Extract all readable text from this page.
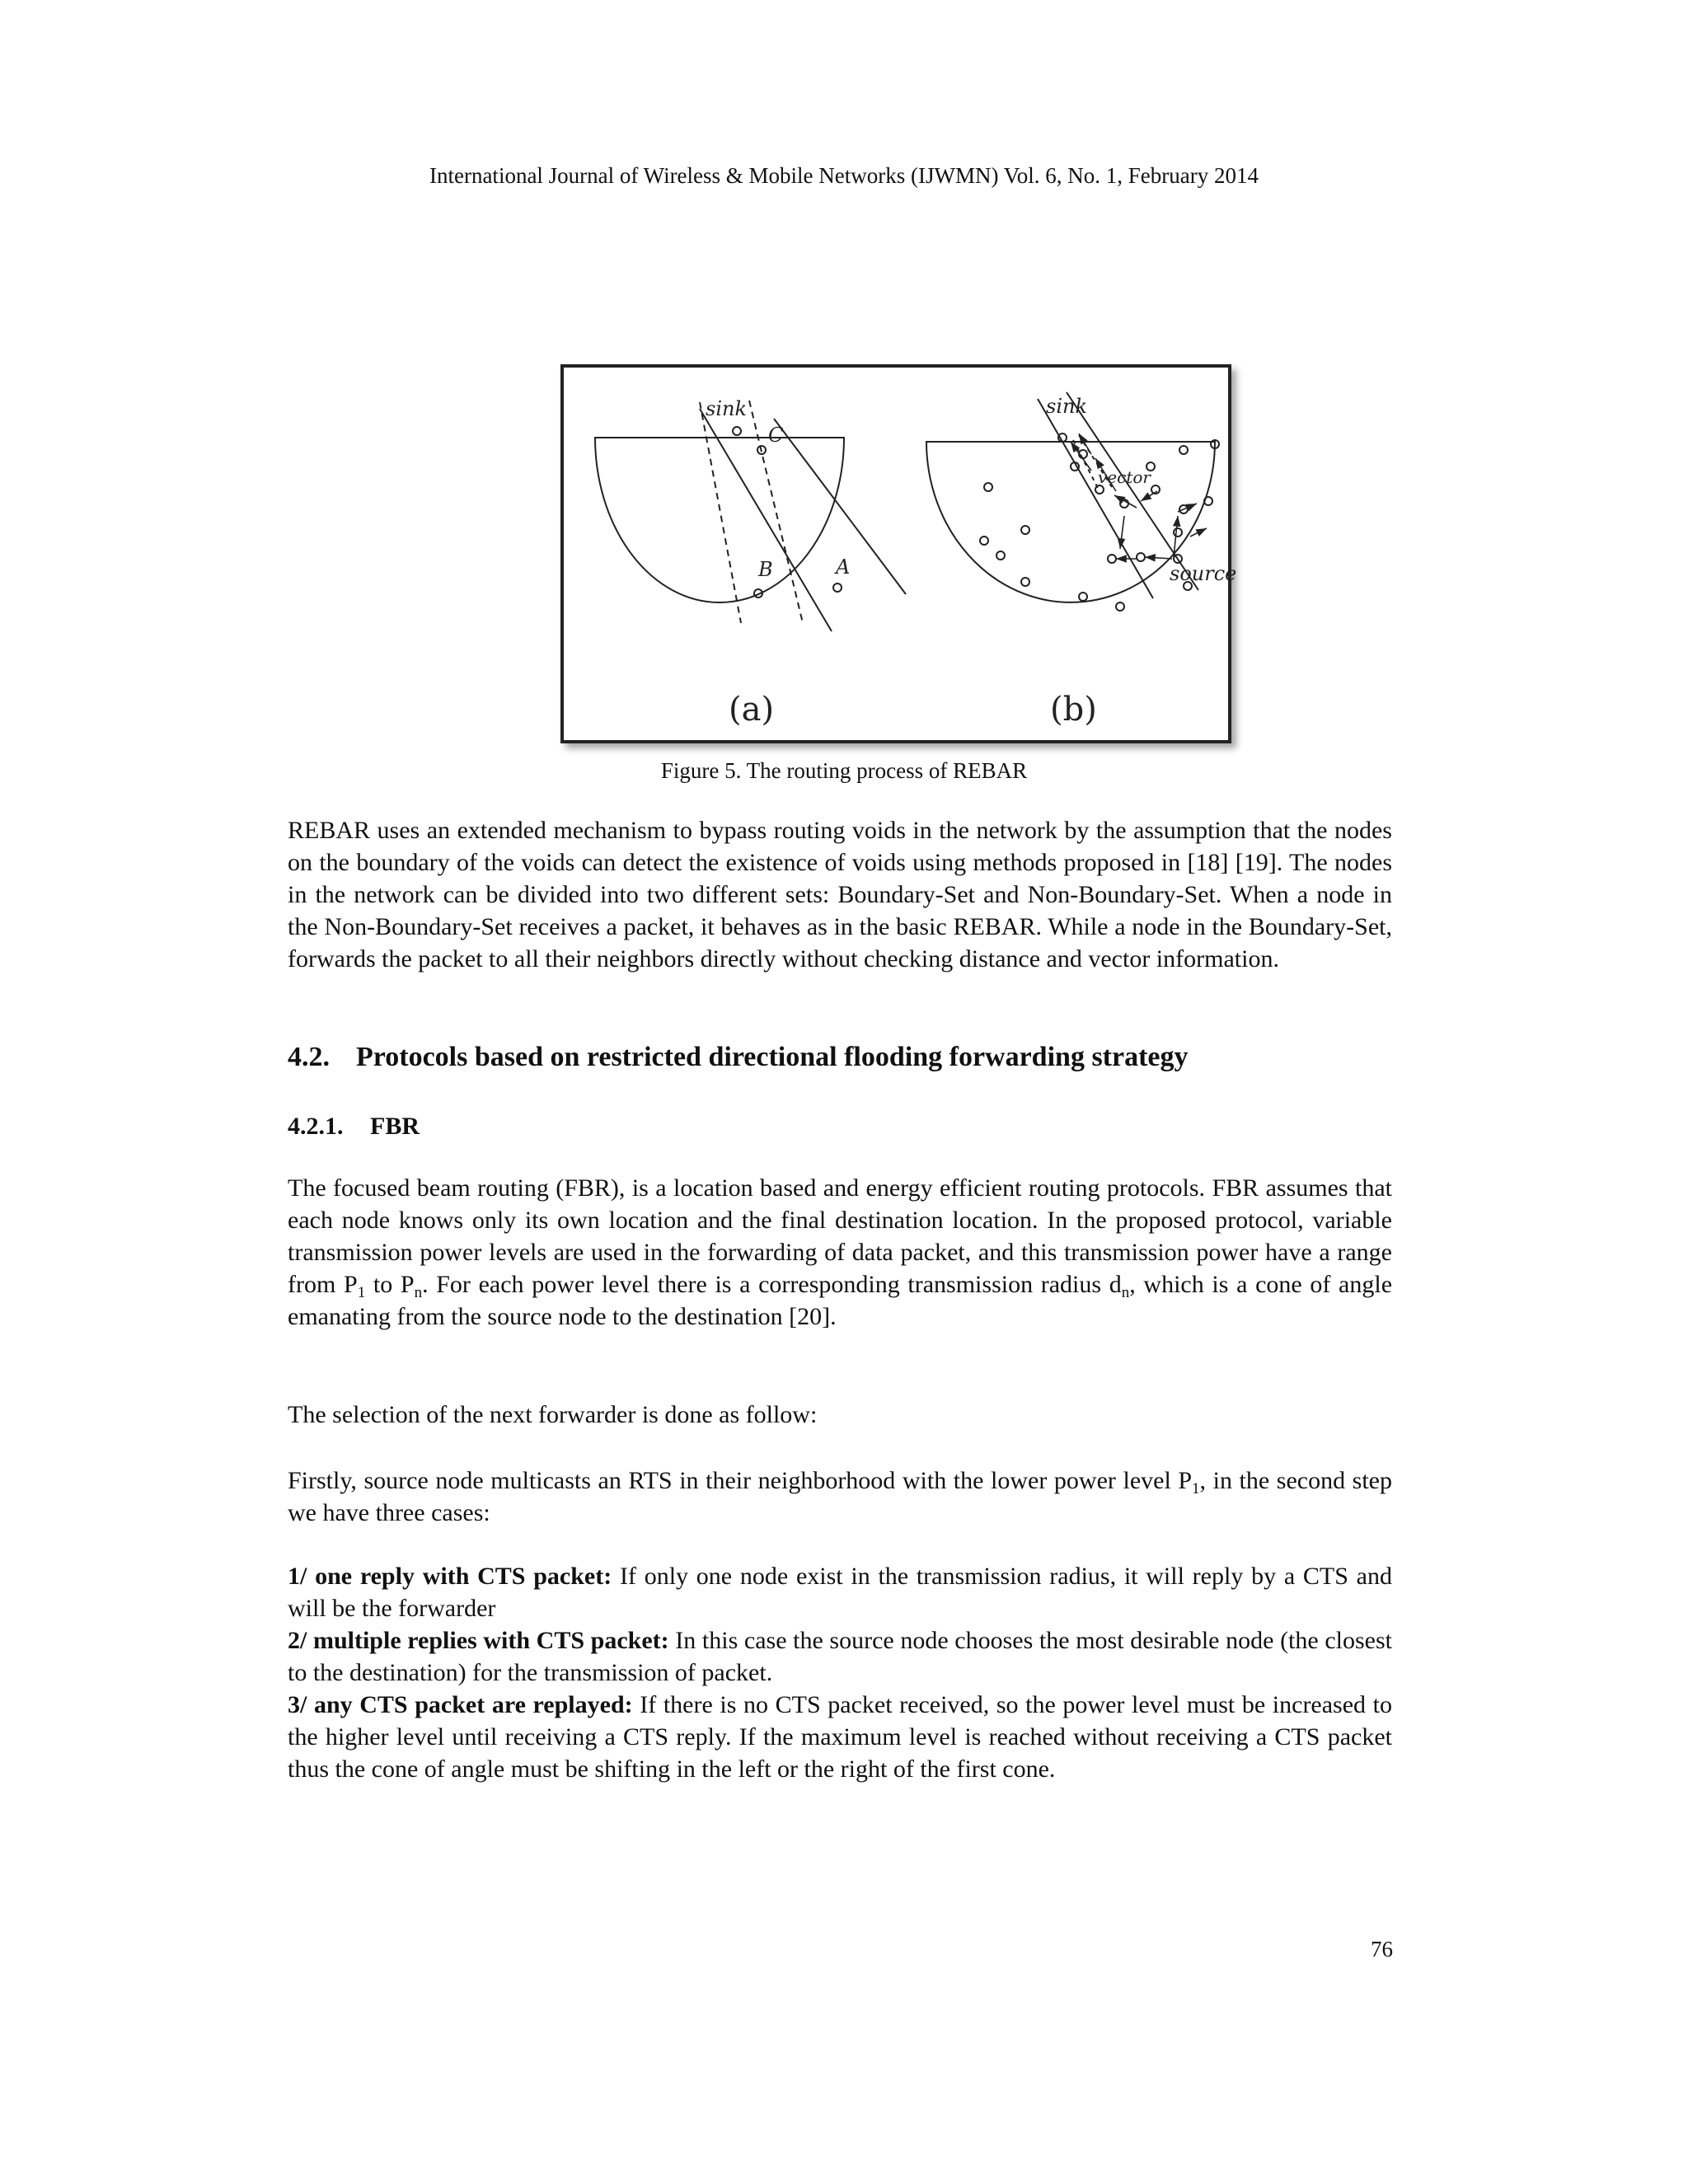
International Journal of Wireless & Mobile Networks (IJWMN) Vol. 6, No. 1, February 2014
sink
C
B	A
(a)
sink
vector
source
(b)
Figure 5. The routing process of REBAR

REBAR uses an extended mechanism to bypass routing voids in the network by the assumption that the nodes on the boundary of the voids can detect the existence of voids using methods proposed in [18] [19]. The nodes in the network can be divided into two different sets: Boundary-Set and Non-Boundary-Set. When a node in the Non-Boundary-Set receives a packet, it behaves as in the basic REBAR. While a node in the Boundary-Set, forwards the packet to all their neighbors directly without checking distance and vector information.

4.2. Protocols based on restricted directional flooding forwarding strategy
4.2.1. FBR

The focused beam routing (FBR), is a location based and energy efficient routing protocols. FBR assumes that each node knows only its own location and the final destination location. In the proposed protocol, variable transmission power levels are used in the forwarding of data packet, and this transmission power have a range from $P_1$ to $P_n$. For each power level there is a corresponding transmission radius $d_n$, which is a cone of angle emanating from the source node to the destination [20].

The selection of the next forwarder is done as follow:

Firstly, source node multicasts an RTS in their neighborhood with the lower power level $P_1$, in the second step we have three cases:

1/ one reply with CTS packet: If only one node exist in the transmission radius, it will reply by a CTS and will be the forwarder
2/ multiple replies with CTS packet: In this case the source node chooses the most desirable node (the closest to the destination) for the transmission of packet.
3/ any CTS packet are replayed: If there is no CTS packet received, so the power level must be increased to the higher level until receiving a CTS reply. If the maximum level is reached without receiving a CTS packet thus the cone of angle must be shifting in the left or the right of the first cone.

76
